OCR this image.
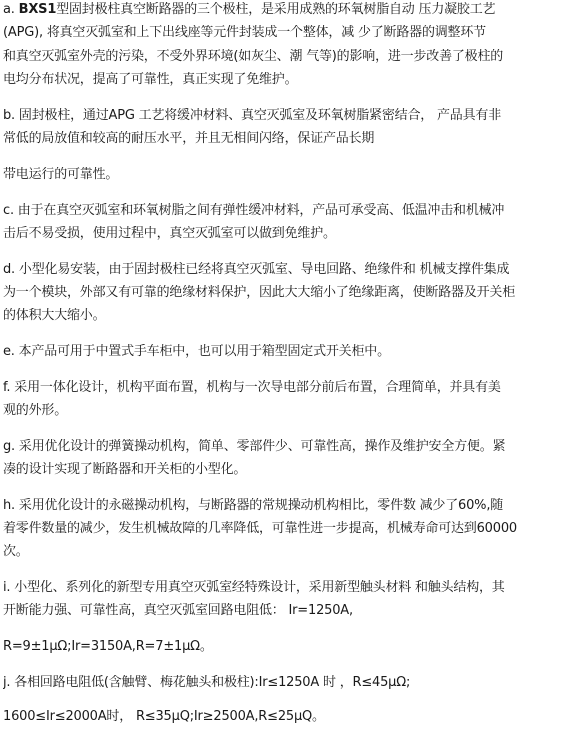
a. BXS1型固封极柱真空断路器的三个极柱，是采用成熟的环氧树脂自动 压力凝胶工艺
(APG), 将真空灭弧室和上下出线座等元件封装成一个整体，减 少了断路器的调整环节
和真空灭弧室外壳的污染，不受外界环境(如灰尘、潮 气等)的影响，进一步改善了极柱的
电均分布状况，提高了可靠性，真正实现了免维护。
b. 固封极柱，通过APG 工艺将缓冲材料、真空灭弧室及环氧树脂紧密结合， 产品具有非
常低的局放值和较高的耐压水平，并且无相间闪络，保证产品长期
带电运行的可靠性。
c. 由于在真空灭弧室和环氧树脂之间有弹性缓冲材料，产品可承受高、低温冲击和机械冲
击后不易受损，使用过程中，真空灭弧室可以做到免维护。
d. 小型化易安装，由于固封极柱已经将真空灭弧室、导电回路、绝缘件和 机械支撑件集成
为一个模块，外部又有可靠的绝缘材料保护，因此大大缩小了绝缘距离，使断路器及开关柜
的体积大大缩小。
e. 本产品可用于中置式手车柜中，也可以用于箱型固定式开关柜中。
f. 采用一体化设计，机构平面布置，机构与一次导电部分前后布置，合理简单，并具有美
观的外形。
g. 采用优化设计的弹簧操动机构，简单、零部件少、可靠性高，操作及维护安全方便。紧
凑的设计实现了断路器和开关柜的小型化。
h. 采用优化设计的永磁操动机构，与断路器的常规操动机构相比，零件数 减少了60%,随
着零件数量的减少，发生机械故障的几率降低，可靠性进一步提高，机械寿命可达到60000
次。
i. 小型化、系列化的新型专用真空灭弧室经特殊设计，采用新型触头材料 和触头结构，其
开断能力强、可靠性高，真空灭弧室回路电阻低： Ir=1250A,
R=9±1μΩ;Ir=3150A,R=7±1μΩ。
j. 各相回路电阻低(含触臂、梅花触头和极柱):Ir≤1250A 时 ，R≤45μΩ;
1600≤Ir≤2000A时， R≤35μQ;Ir≥2500A,R≤25μQ。
